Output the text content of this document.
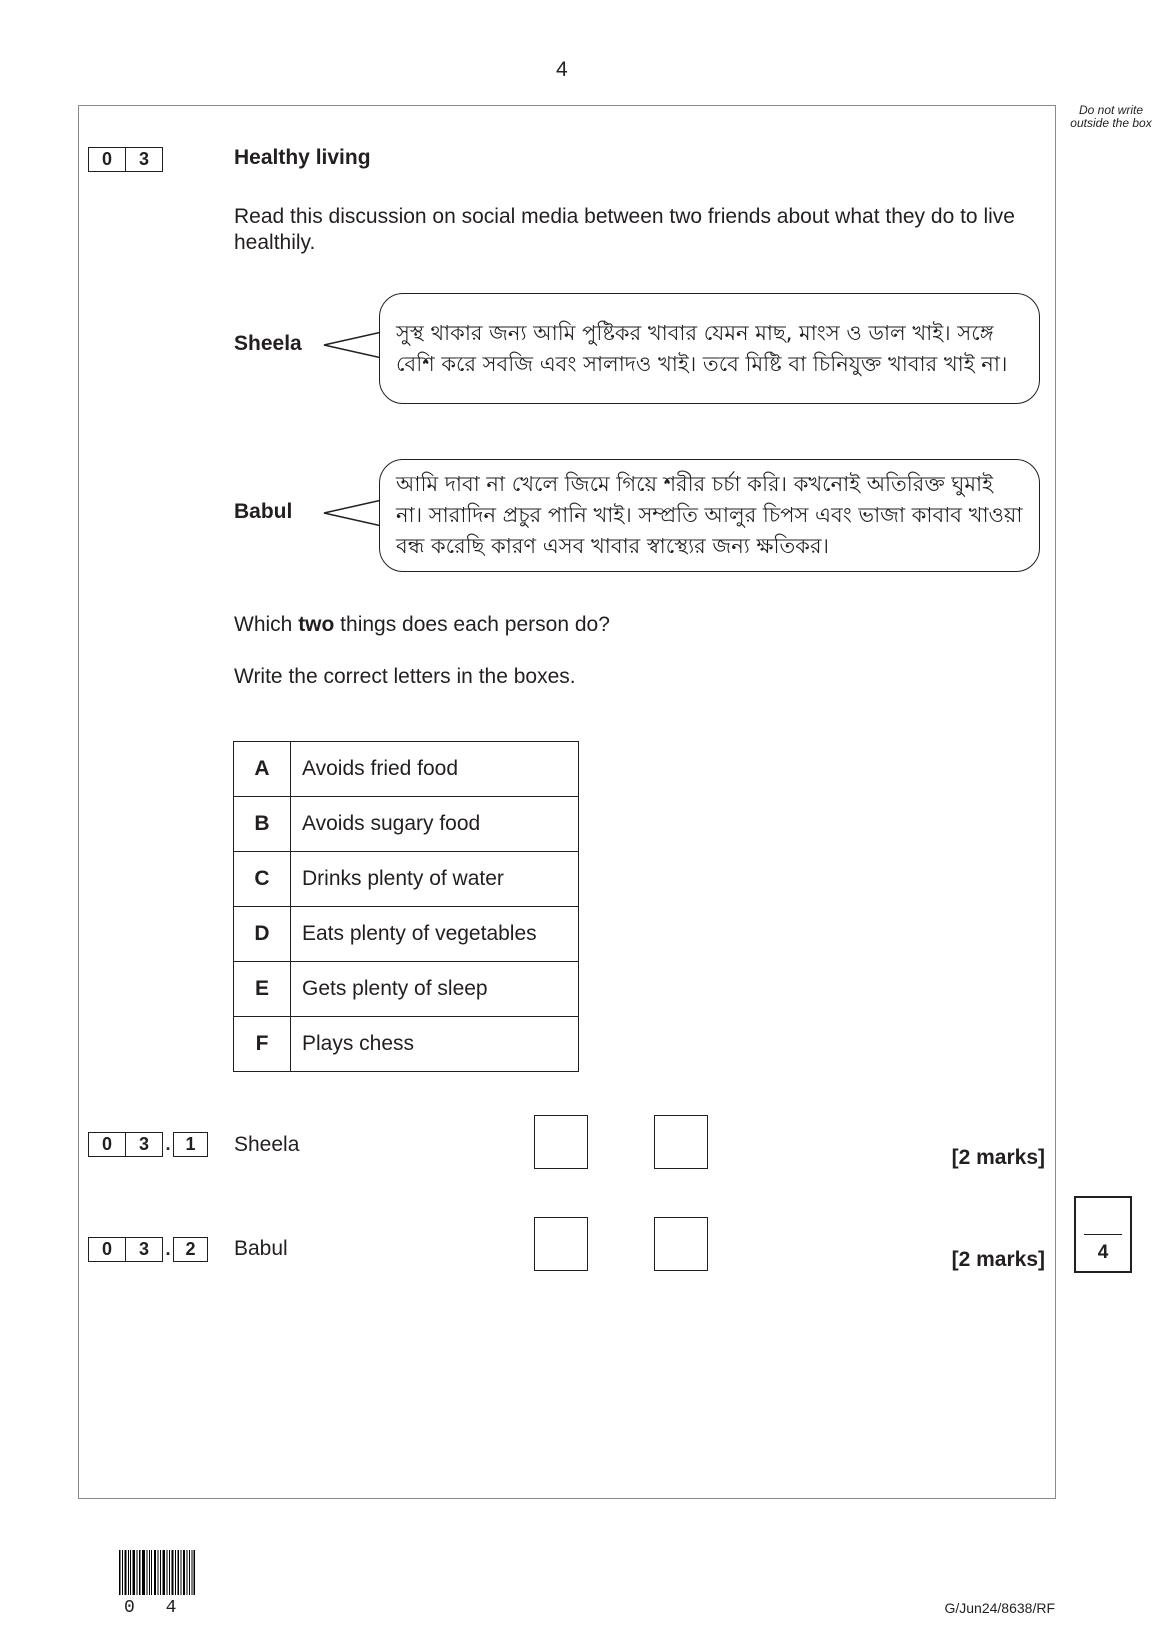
4
Do not write outside the box
0	3	Healthy living
Read this discussion on social media between two friends about what they do to live healthily.
Sheela	সুস্থ থাকার জন্য আমি পুষ্টিকর খাবার যেমন মাছ, মাংস ও ডাল খাই। সঙ্গে
বেশি করে সবজি এবং সালাদও খাই। তবে মিষ্টি বা চিনিযুক্ত খাবার খাই না।
Babul
আমি দাবা না খেলে জিমে গিয়ে শরীর চর্চা করি। কখনোই অতিরিক্ত ঘুমাই
না। সারাদিন প্রচুর পানি খাই। সম্প্রতি আলুর চিপস এবং ভাজা কাবাব খাওয়া
বন্ধ করেছি কারণ এসব খাবার স্বাস্থ্যের জন্য ক্ষতিকর।
Which two things does each person do?
Write the correct letters in the boxes.
A	Avoids fried food
B	Avoids sugary food
C	Drinks plenty of water
D	Eats plenty of vegetables
E	Gets plenty of sleep
F	Plays chess
0	3 . 1	Sheela
[2 marks]
0	3 . 2	Babul	[2 marks]	4
0 4	G/Jun24/8638/RF
